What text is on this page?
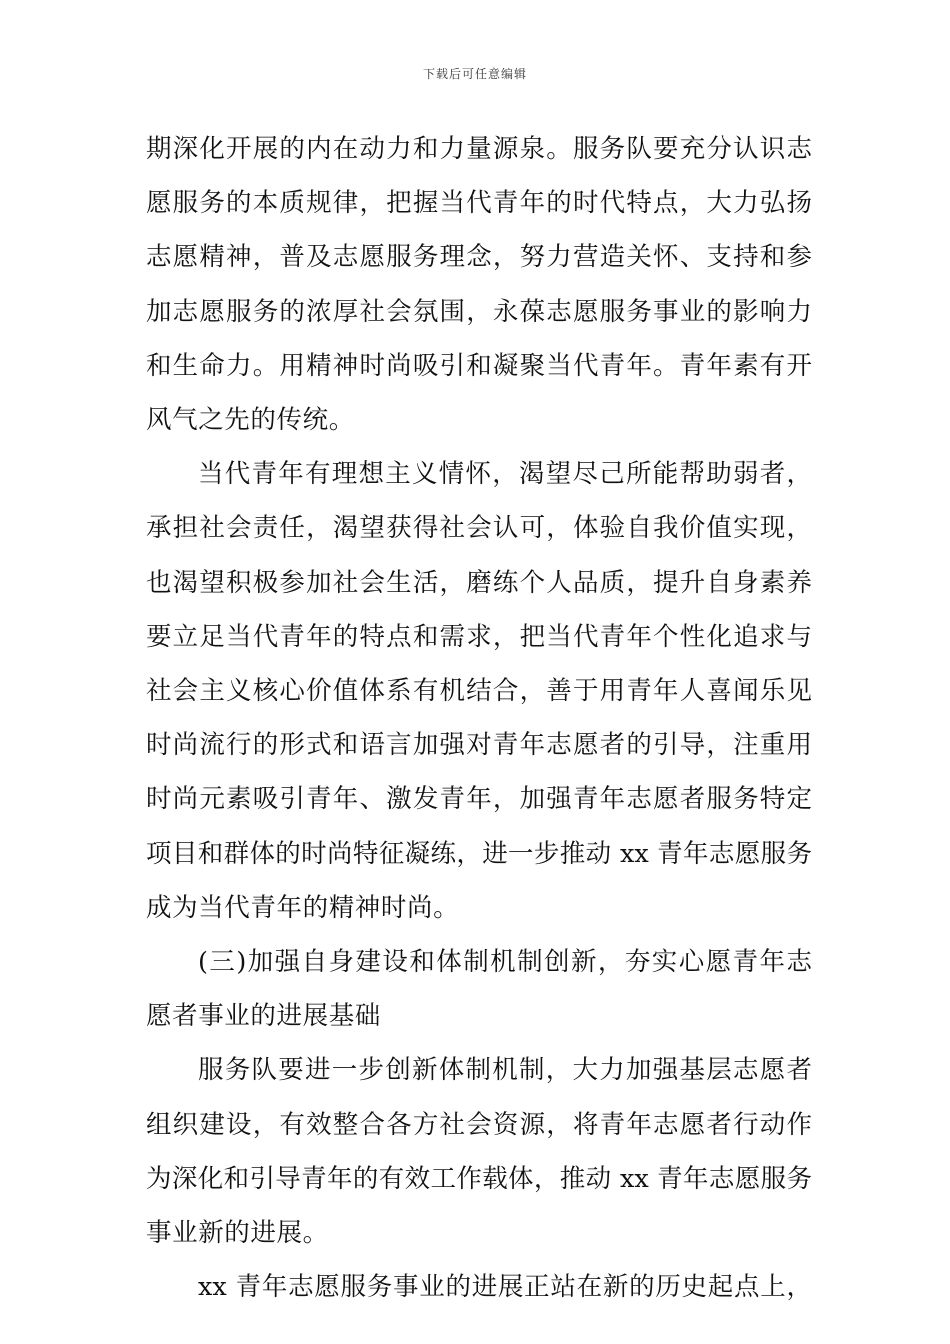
下载后可任意编辑
期深化开展的内在动力和力量源泉。服务队要充分认识志
愿服务的本质规律，把握当代青年的时代特点，大力弘扬
志愿精神，普及志愿服务理念，努力营造关怀、支持和参
加志愿服务的浓厚社会氛围，永葆志愿服务事业的影响力
和生命力。用精神时尚吸引和凝聚当代青年。青年素有开
风气之先的传统。
当代青年有理想主义情怀，渴望尽己所能帮助弱者，
承担社会责任，渴望获得社会认可，体验自我价值实现，
也渴望积极参加社会生活，磨练个人品质，提升自身素养
要立足当代青年的特点和需求，把当代青年个性化追求与
社会主义核心价值体系有机结合，善于用青年人喜闻乐见
时尚流行的形式和语言加强对青年志愿者的引导，注重用
时尚元素吸引青年、激发青年，加强青年志愿者服务特定
项目和群体的时尚特征凝练，进一步推动 xx 青年志愿服务
成为当代青年的精神时尚。
(三)加强自身建设和体制机制创新，夯实心愿青年志
愿者事业的进展基础
服务队要进一步创新体制机制，大力加强基层志愿者
组织建设，有效整合各方社会资源，将青年志愿者行动作
为深化和引导青年的有效工作载体，推动 xx 青年志愿服务
事业新的进展。
xx 青年志愿服务事业的进展正站在新的历史起点上，
